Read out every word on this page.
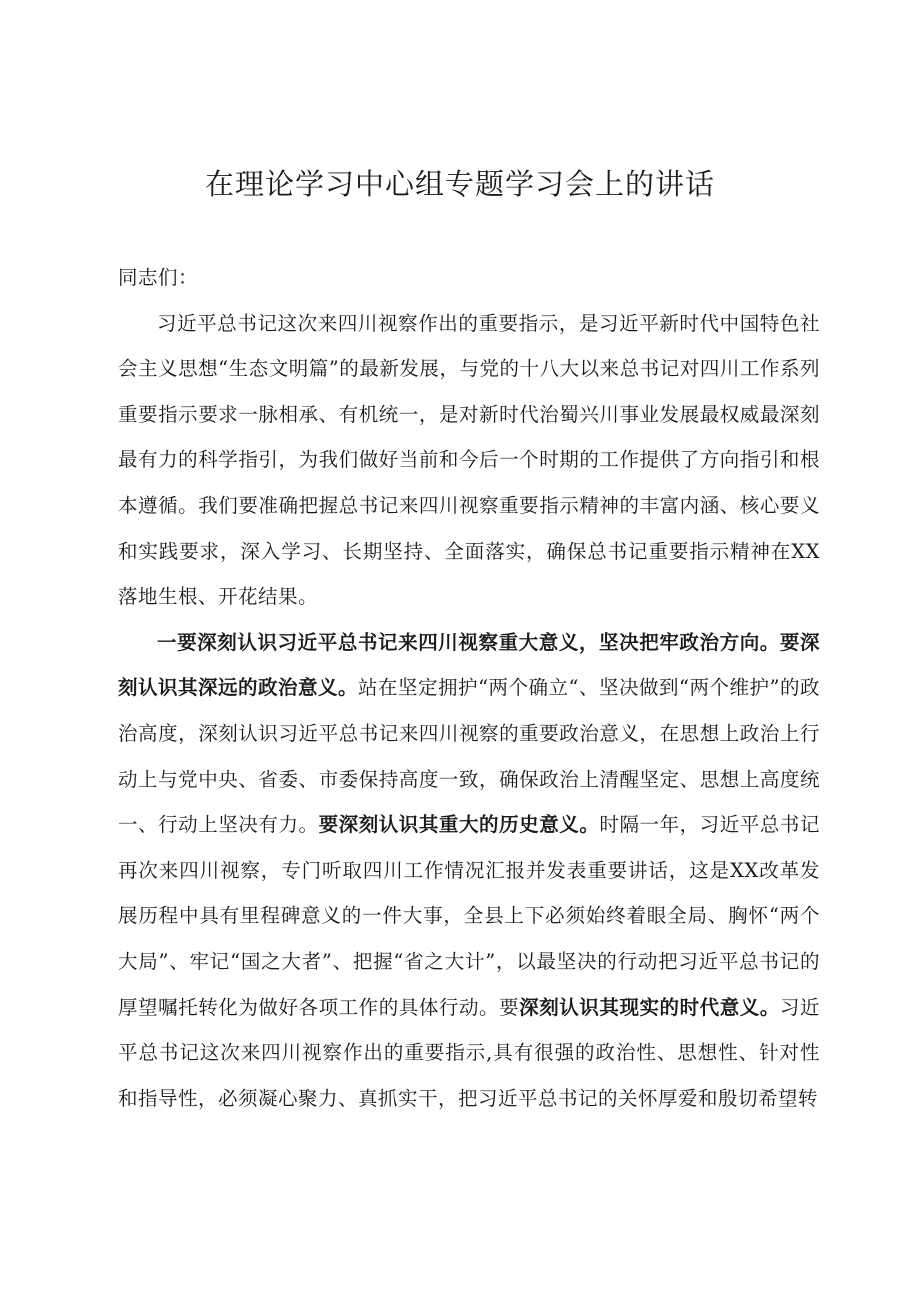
在理论学习中心组专题学习会上的讲话

同志们：

习近平总书记这次来四川视察作出的重要指示，是习近平新时代中国特色社会主义思想“生态文明篇”的最新发展，与党的十八大以来总书记对四川工作系列重要指示要求一脉相承、有机统一，是对新时代治蜀兴川事业发展最权威最深刻最有力的科学指引，为我们做好当前和今后一个时期的工作提供了方向指引和根本遵循。我们要准确把握总书记来四川视察重要指示精神的丰富内涵、核心要义和实践要求，深入学习、长期坚持、全面落实，确保总书记重要指示精神在XX落地生根、开花结果。

一要深刻认识习近平总书记来四川视察重大意义，坚决把牢政治方向。要深刻认识其深远的政治意义。站在坚定拥护“两个确立“、坚决做到“两个维护”的政治高度，深刻认识习近平总书记来四川视察的重要政治意义，在思想上政治上行动上与党中央、省委、市委保持高度一致，确保政治上清醒坚定、思想上高度统一、行动上坚决有力。要深刻认识其重大的历史意义。时隔一年，习近平总书记再次来四川视察，专门听取四川工作情况汇报并发表重要讲话，这是XX改革发展历程中具有里程碑意义的一件大事，全县上下必须始终着眼全局、胸怀“两个大局”、牢记“国之大者”、把握“省之大计”，以最坚决的行动把习近平总书记的厚望嘱托转化为做好各项工作的具体行动。要深刻认识其现实的时代意义。习近平总书记这次来四川视察作出的重要指示,具有很强的政治性、思想性、针对性和指导性，必须凝心聚力、真抓实干，把习近平总书记的关怀厚爱和殷切希望转
